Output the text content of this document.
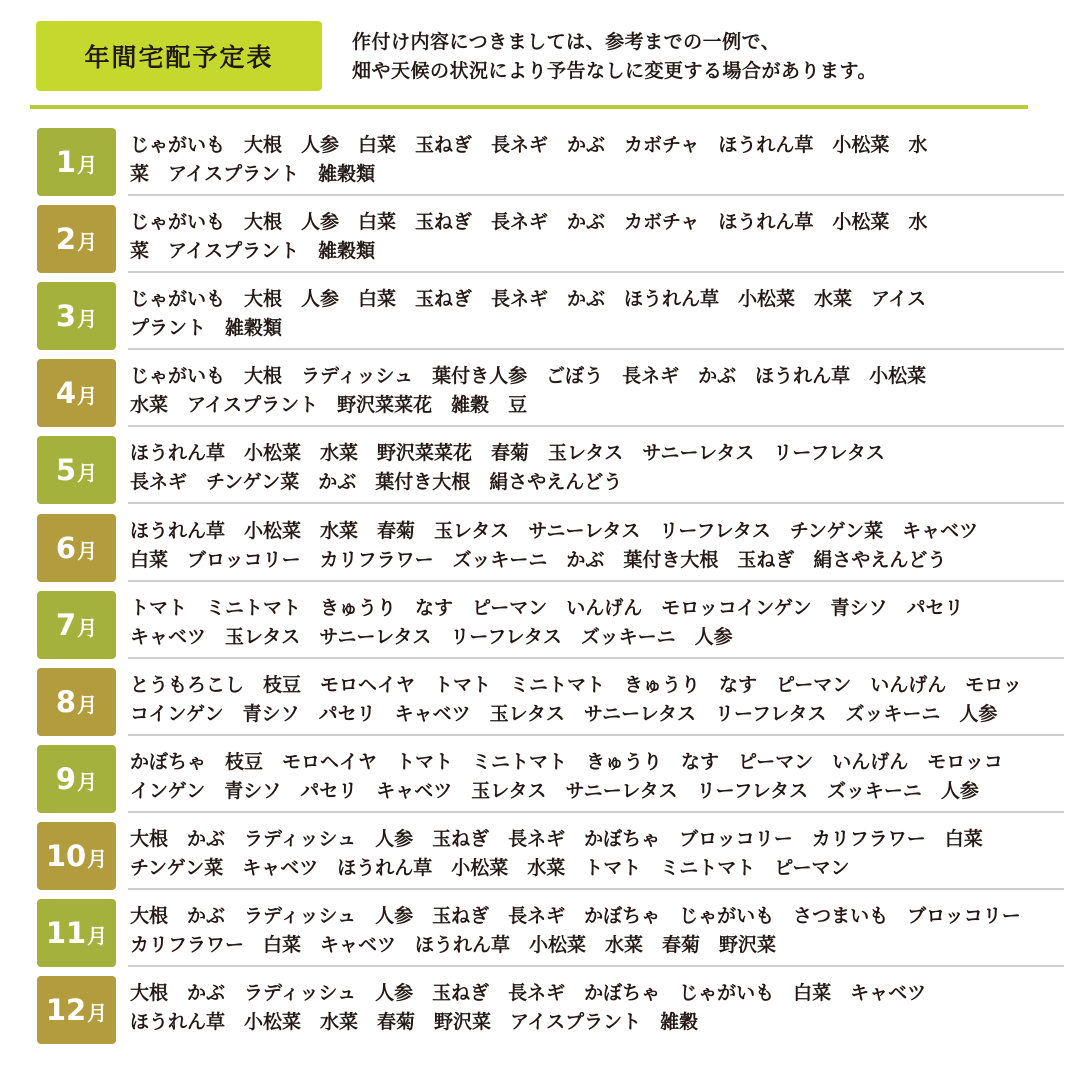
年間宅配予定表
作付け内容につきましては、参考までの一例で、
畑や天候の状況により予告なしに変更する場合があります。
1 月
じゃがいも　大根　人参　白菜　玉ねぎ　長ネギ　かぶ　カボチャ　ほうれん草　小松菜　水
菜　アイスプラント　雑穀類
2 月
じゃがいも　大根　人参　白菜　玉ねぎ　長ネギ　かぶ　カボチャ　ほうれん草　小松菜　水
菜　アイスプラント　雑穀類
3 月
じゃがいも　大根　人参　白菜　玉ねぎ　長ネギ　かぶ　ほうれん草　小松菜　水菜　アイス
プラント　雑穀類
4 月
じゃがいも　大根　ラディッシュ　葉付き人参　ごぼう　長ネギ　かぶ　ほうれん草　小松菜
水菜　アイスプラント　野沢菜菜花　雑穀　豆
5 月
ほうれん草　小松菜　水菜　野沢菜菜花　春菊　玉レタス　サニーレタス　リーフレタス
長ネギ　チンゲン菜　かぶ　葉付き大根　絹さやえんどう
6 月
ほうれん草　小松菜　水菜　春菊　玉レタス　サニーレタス　リーフレタス　チンゲン菜　キャベツ
白菜　ブロッコリー　カリフラワー　ズッキーニ　かぶ　葉付き大根　玉ねぎ　絹さやえんどう
7 月
トマト　ミニトマト　きゅうり　なす　ピーマン　いんげん　モロッコインゲン　青シソ　パセリ
キャベツ　玉レタス　サニーレタス　リーフレタス　ズッキーニ　人参
8 月
とうもろこし　枝豆　モロヘイヤ　トマト　ミニトマト　きゅうり　なす　ピーマン　いんげん　モロッ
コインゲン　青シソ　パセリ　キャベツ　玉レタス　サニーレタス　リーフレタス　ズッキーニ　人参
9 月
かぼちゃ　枝豆　モロヘイヤ　トマト　ミニトマト　きゅうり　なす　ピーマン　いんげん　モロッコ
インゲン　青シソ　パセリ　キャベツ　玉レタス　サニーレタス　リーフレタス　ズッキーニ　人参
10 月
大根　かぶ　ラディッシュ　人参　玉ねぎ　長ネギ　かぼちゃ　ブロッコリー　カリフラワー　白菜
チンゲン菜　キャベツ　ほうれん草　小松菜　水菜　トマト　ミニトマト　ピーマン
11 月
大根　かぶ　ラディッシュ　人参　玉ねぎ　長ネギ　かぼちゃ　じゃがいも　さつまいも　ブロッコリー
カリフラワー　白菜　キャベツ　ほうれん草　小松菜　水菜　春菊　野沢菜
12 月
大根　かぶ　ラディッシュ　人参　玉ねぎ　長ネギ　かぼちゃ　じゃがいも　白菜　キャベツ
ほうれん草　小松菜　水菜　春菊　野沢菜　アイスプラント　雑穀
